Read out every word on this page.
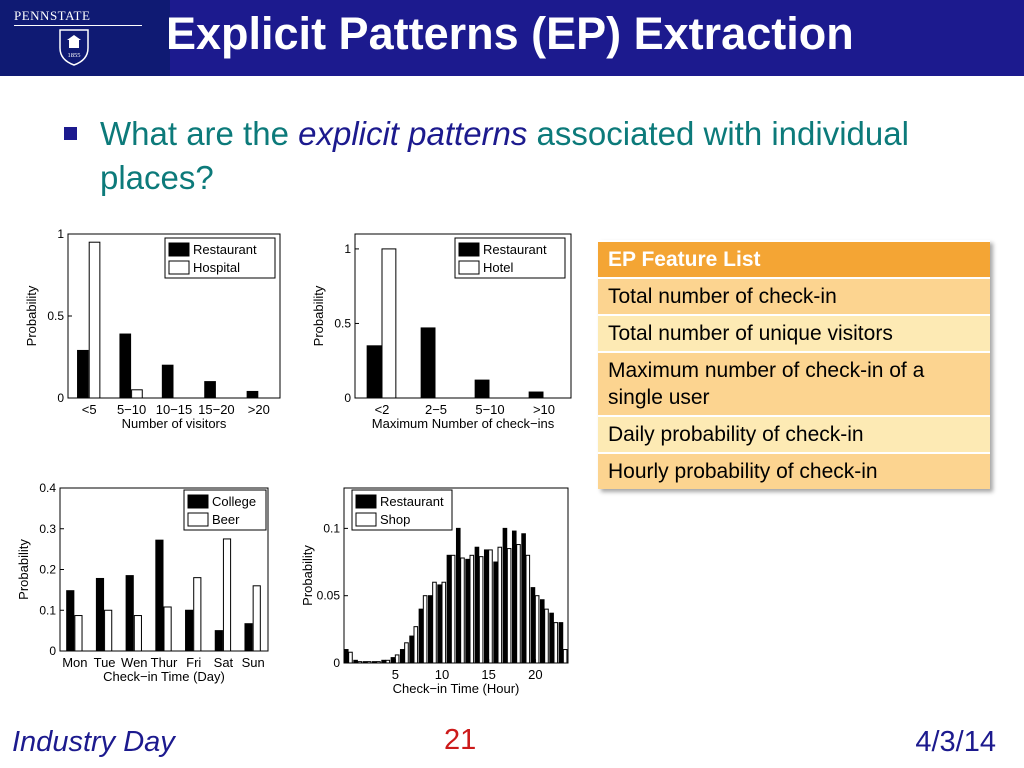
PENNSTATE
1855 Explicit Patterns (EP) Extraction
What are the explicit patterns associated with individual places?
0
0.5
1
<5 5−10 10−15 15−20 >20
Number of visitors
Probability
Restaurant
Hospital
0
0.5
1
<2	2−5 5−10 >10
Maximum Number of check−ins
Probability
Restaurant
Hotel
0
0.1
0.2
0.3
0.4
Mon Tue Wen Thur Fri Sat Sun
Check−in Time (Day)
Probability
College
Beer
0
0.05
0.1
5	10 15 20
Check−in Time (Hour)
Probability
Restaurant
Shop
EP Feature List
Total number of check-in
Total number of unique visitors
Maximum number of check-in of a single user
Daily probability of check-in
Hourly probability of check-in
Industry Day	21	4/3/14
